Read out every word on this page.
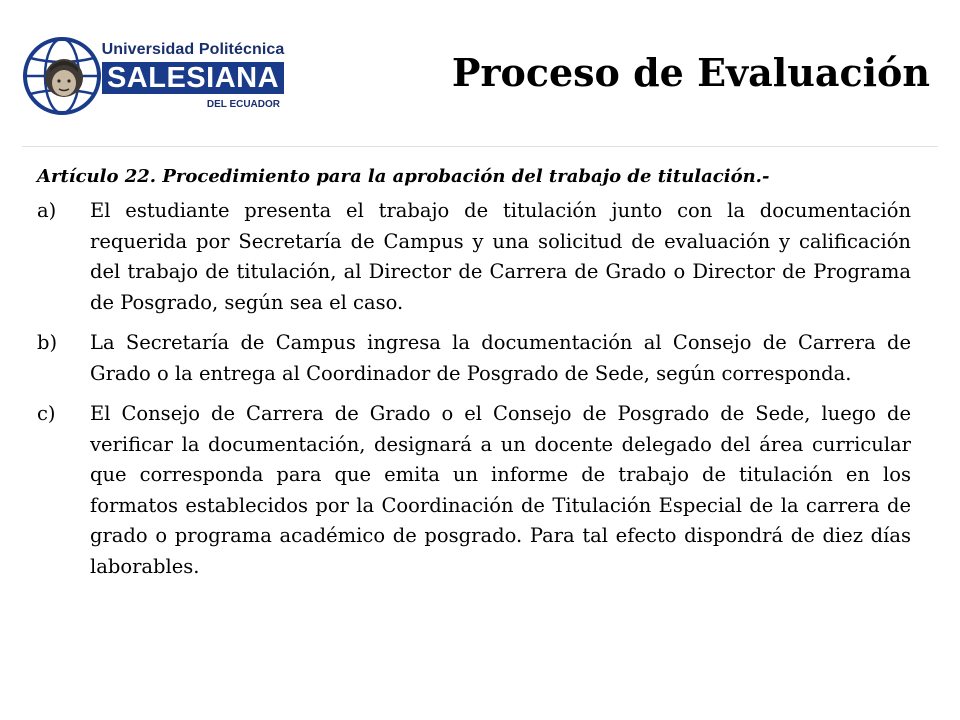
Universidad Politécnica
SALESIANA
DEL ECUADOR
Proceso de Evaluación

Artículo 22. Procedimiento para la aprobación del trabajo de titulación.-

a) El estudiante presenta el trabajo de titulación junto con la documentación requerida por Secretaría de Campus y una solicitud de evaluación y calificación del trabajo de titulación, al Director de Carrera de Grado o Director de Programa de Posgrado, según sea el caso.
b) La Secretaría de Campus ingresa la documentación al Consejo de Carrera de Grado o la entrega al Coordinador de Posgrado de Sede, según corresponda.
c) El Consejo de Carrera de Grado o el Consejo de Posgrado de Sede, luego de verificar la documentación, designará a un docente delegado del área curricular que corresponda para que emita un informe de trabajo de titulación en los formatos establecidos por la Coordinación de Titulación Especial de la carrera de grado o programa académico de posgrado. Para tal efecto dispondrá de diez días laborables.
